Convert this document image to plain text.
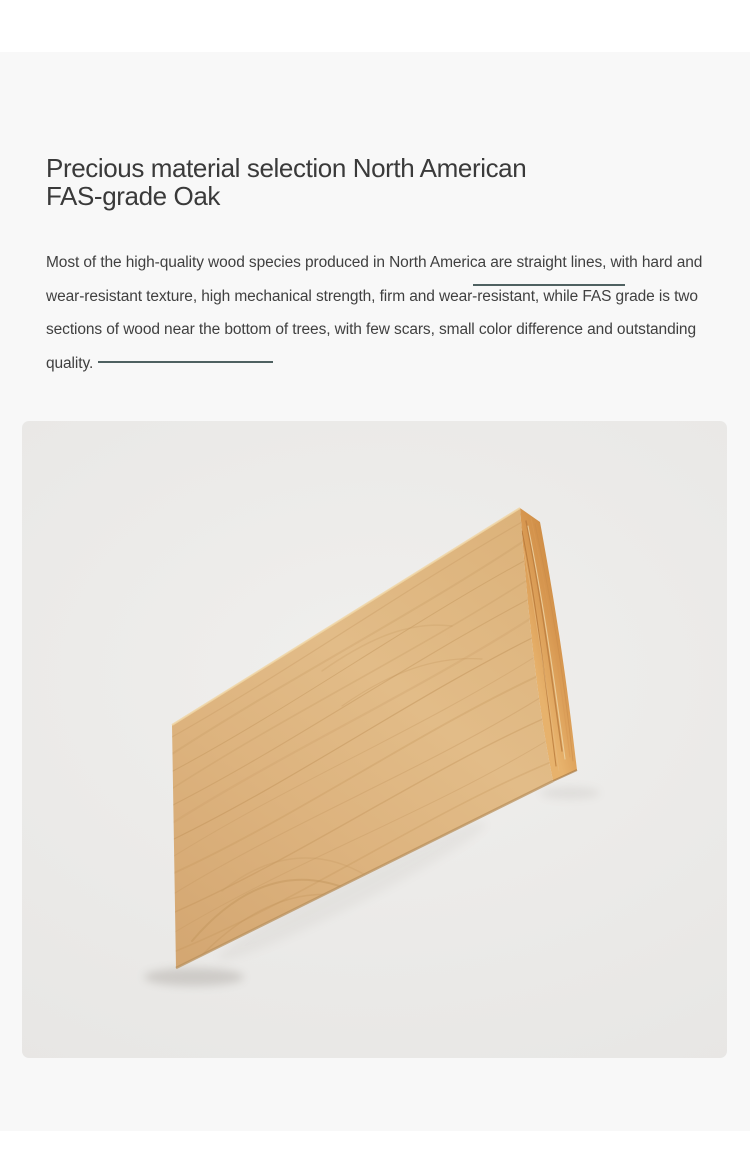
Precious material selection North American
FAS-grade Oak
Most of the high-quality wood species produced in North America are straight lines, with hard and
wear-resistant texture, high mechanical strength, firm and wear-resistant, while FAS grade is two
sections of wood near the bottom of trees, with few scars, small color difference and outstanding
quality.
